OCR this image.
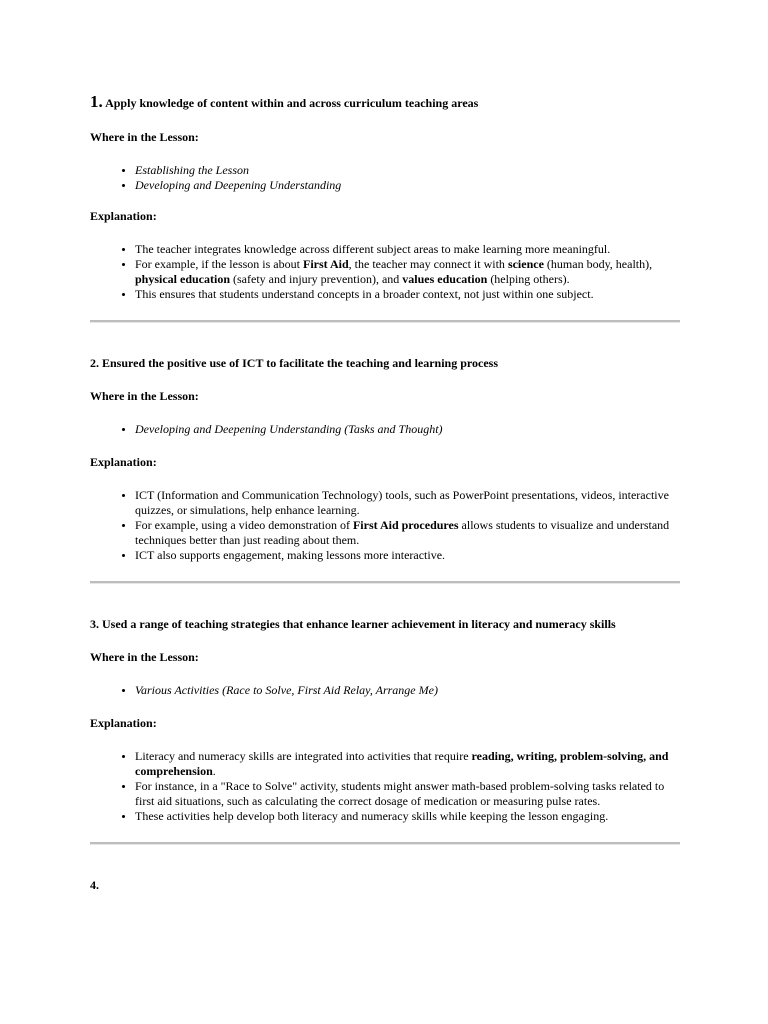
1. Apply knowledge of content within and across curriculum teaching areas

Where in the Lesson:

• Establishing the Lesson
• Developing and Deepening Understanding

Explanation:

• The teacher integrates knowledge across different subject areas to make learning more meaningful.
• For example, if the lesson is about First Aid, the teacher may connect it with science (human body, health), physical education (safety and injury prevention), and values education (helping others).
• This ensures that students understand concepts in a broader context, not just within one subject.

2. Ensured the positive use of ICT to facilitate the teaching and learning process

Where in the Lesson:

• Developing and Deepening Understanding (Tasks and Thought)

Explanation:

• ICT (Information and Communication Technology) tools, such as PowerPoint presentations, videos, interactive quizzes, or simulations, help enhance learning.
• For example, using a video demonstration of First Aid procedures allows students to visualize and understand techniques better than just reading about them.
• ICT also supports engagement, making lessons more interactive.

3. Used a range of teaching strategies that enhance learner achievement in literacy and numeracy skills

Where in the Lesson:

• Various Activities (Race to Solve, First Aid Relay, Arrange Me)

Explanation:

• Literacy and numeracy skills are integrated into activities that require reading, writing, problem-solving, and comprehension.
• For instance, in a "Race to Solve" activity, students might answer math-based problem-solving tasks related to first aid situations, such as calculating the correct dosage of medication or measuring pulse rates.
• These activities help develop both literacy and numeracy skills while keeping the lesson engaging.

4.
